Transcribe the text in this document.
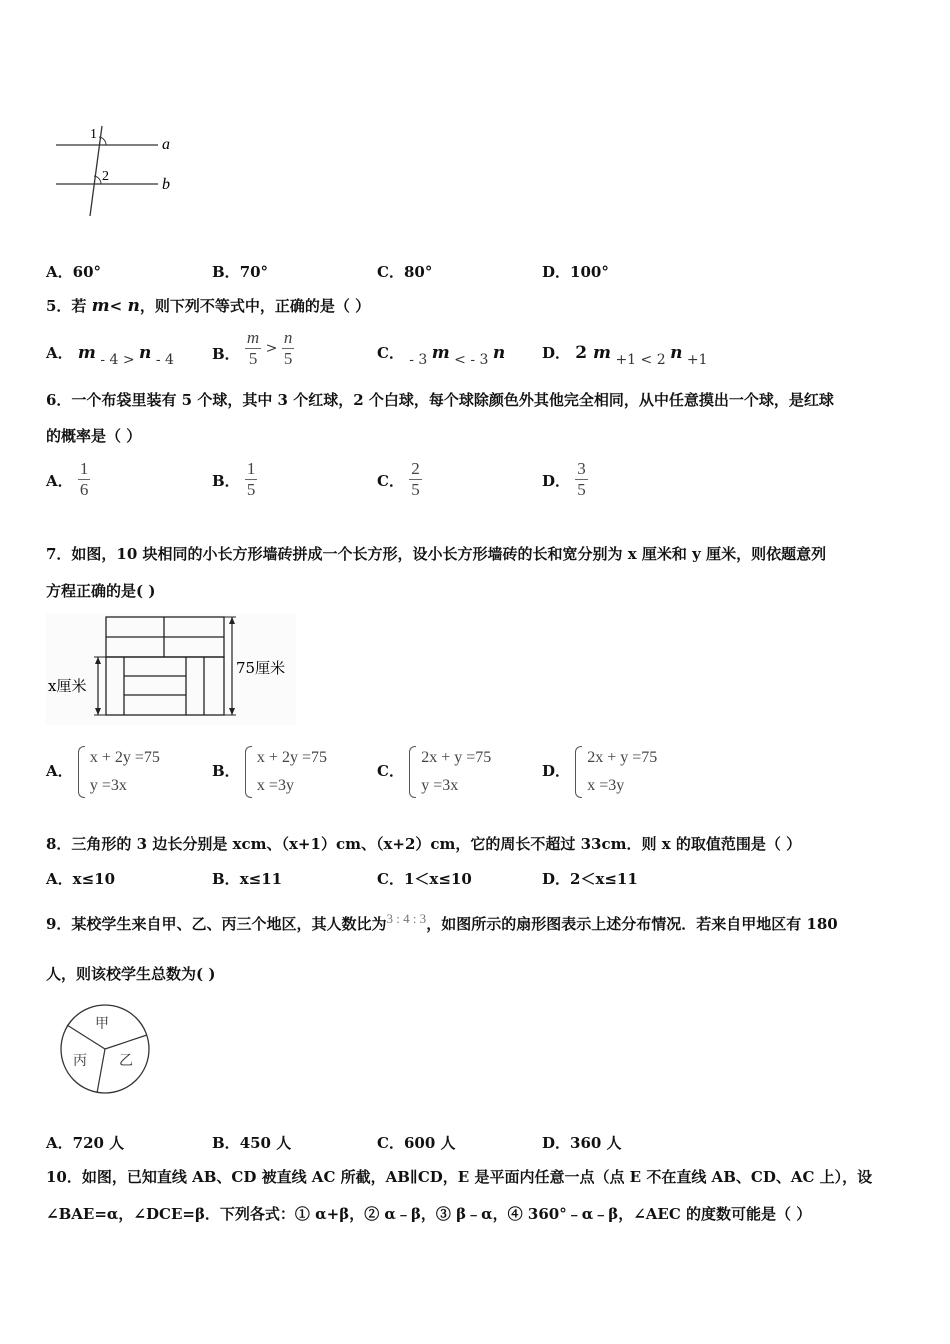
1
2
a
b
A．60°	B．70°	C．80°	D．100°
5．若 m< n，则下列不等式中，正确的是（ ）
A． m - 4 > n - 4	B． $\frac{m}{5} > \frac{n}{5}$	C． - 3 m < - 3 n D． 2 m +1 < 2 n +1
6．一个布袋里装有 5 个球，其中 3 个红球，2 个白球，每个球除颜色外其他完全相同，从中任意摸出一个球，是红球
的概率是（ ）
A． $\frac{1}{6}$	B． $\frac{1}{5}$	C． $\frac{2}{5}$	D． $\frac{3}{5}$
7．如图，10 块相同的小长方形墙砖拼成一个长方形，设小长方形墙砖的长和宽分别为 x 厘米和 y 厘米，则依题意列
方程正确的是( )
x厘米
75厘米
A． x + 2y =75
y =3x
B． x + 2y =75
x =3y
C． 2x + y =75
y =3x
D． 2x + y =75
x =3y
8．三角形的 3 边长分别是 xcm、（x+1）cm、（x+2）cm，它的周长不超过 33cm．则 x 的取值范围是（ ）
A．x≤10	B．x≤11	C．1＜x≤10	D．2＜x≤11
9．某校学生来自甲、乙、丙三个地区，其人数比为3 : 4 : 3，如图所示的扇形图表示上述分布情况．若来自甲地区有 180
人，则该校学生总数为( )
甲
乙
丙
A．720 人	B．450 人	C．600 人	D．360 人
10．如图，已知直线 AB、CD 被直线 AC 所截，AB∥CD，E 是平面内任意一点（点 E 不在直线 AB、CD、AC 上），设
∠BAE=α，∠DCE=β．下列各式：① α+β，② α﹣β，③ β﹣α，④ 360°﹣α﹣β，∠AEC 的度数可能是（ ）
